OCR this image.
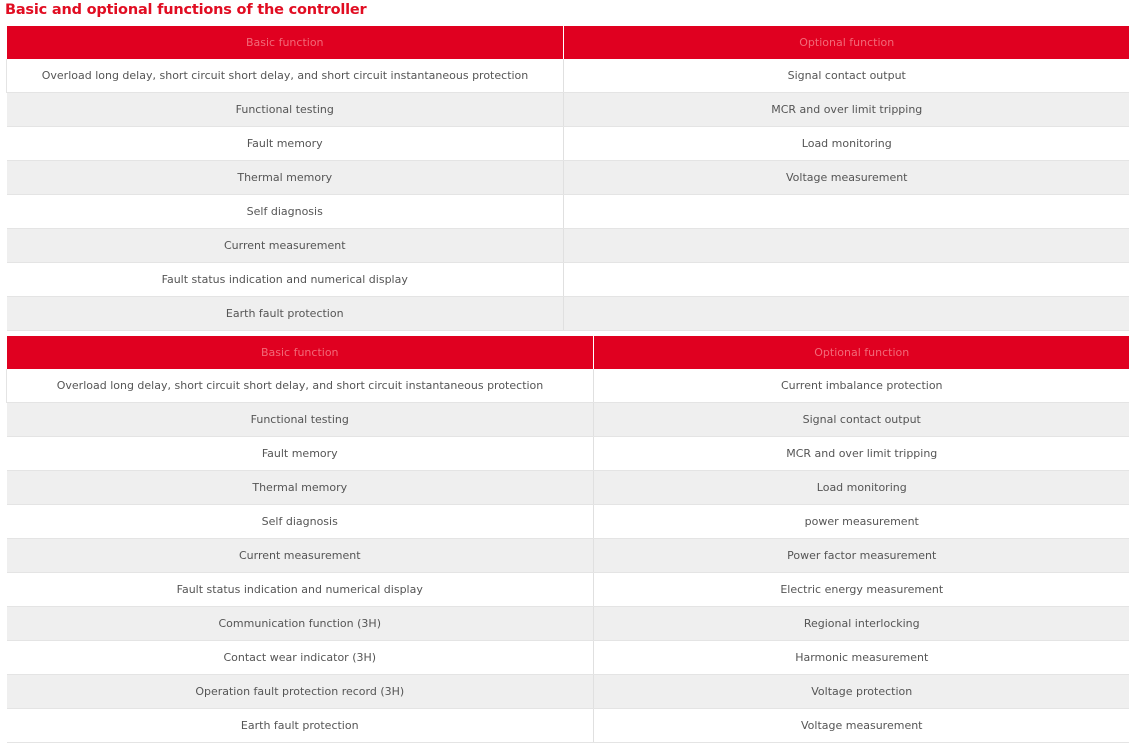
Basic and optional functions of the controller
Basic function	Optional function
Overload long delay, short circuit short delay, and short circuit instantaneous protection	Signal contact output
Functional testing	MCR and over limit tripping
Fault memory	Load monitoring
Thermal memory	Voltage measurement
Self diagnosis	
Current measurement	
Fault status indication and numerical display	
Earth fault protection	
Basic function	Optional function
Overload long delay, short circuit short delay, and short circuit instantaneous protection	Current imbalance protection
Functional testing	Signal contact output
Fault memory	MCR and over limit tripping
Thermal memory	Load monitoring
Self diagnosis	power measurement
Current measurement	Power factor measurement
Fault status indication and numerical display	Electric energy measurement
Communication function (3H)	Regional interlocking
Contact wear indicator (3H)	Harmonic measurement
Operation fault protection record (3H)	Voltage protection
Earth fault protection	Voltage measurement
